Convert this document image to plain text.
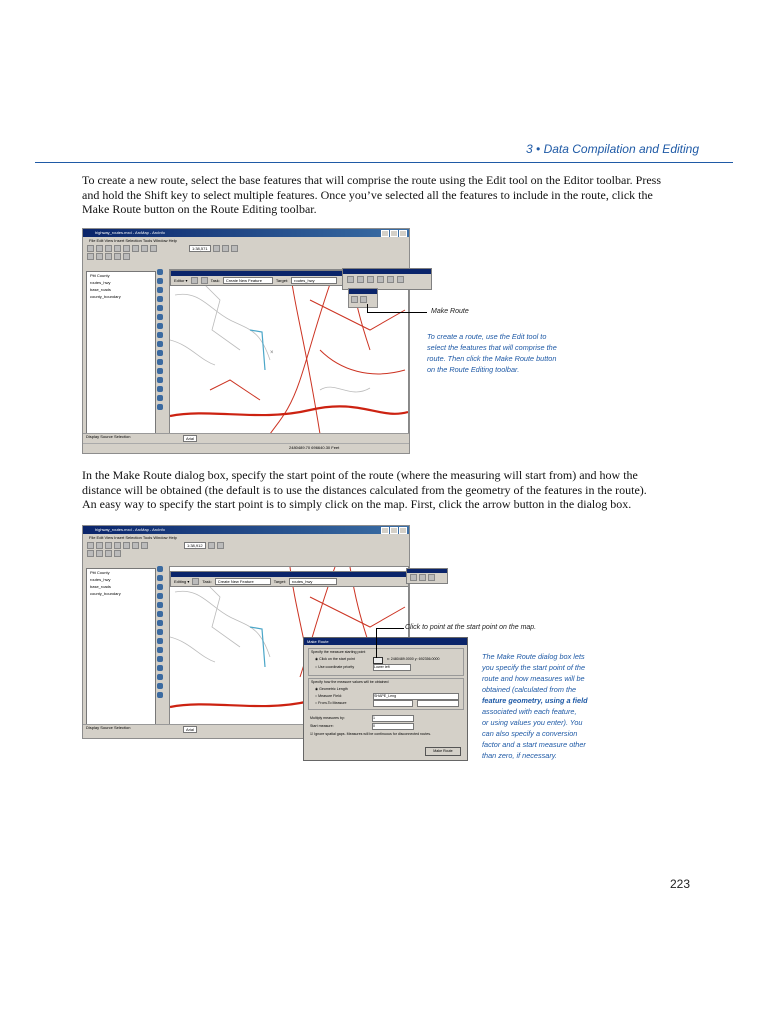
3 • Data Compilation and Editing

To create a new route, select the base features that will comprise the route using the Edit tool on the Editor toolbar. Press and hold the Shift key to select multiple features. Once you’ve selected all the features to include in the route, click the Make Route button on the Route Editing toolbar.

highway_routes.mxd - ArcMap - ArcInfo
File Edit View Insert Selection Tools Window Help
1:38,571
Pitt County
routes_hwy
base_roads
county_boundary
×
Editor ▾	Task:	Create New Feature	Target:	routes_hwy
Display Source Selection	Arial
2480489.70 696640.30 Feet
Make Route
To create a route, use the Edit tool to select the features that will comprise the route. Then click the Make Route button on the Route Editing toolbar.

In the Make Route dialog box, specify the start point of the route (where the measuring will start from) and how the distance will be obtained (the default is to use the distances calculated from the geometry of the features in the route). An easy way to specify the start point is to simply click on the map. First, click the arrow button in the dialog box.

highway_routes.mxd - ArcMap - ArcInfo
File Edit View Insert Selection Tools Window Help
1:38,912
Pitt County
routes_hwy
base_roads
county_boundary
Editing ▾	Task:	Create New Feature	Target:	routes_hwy
Display Source Selection	Arial
Make Route
Specify the measure starting point
◉ Click on the start point	x: 2480489.0000 y: 692356.0000
○ Use coordinate priority	Lower left
Specify how the measure values will be obtained
◉ Geometric Length
○ Measure Field:	SHAPE_Leng
○ From-To Measure
Multiply measures by:	1
Start measure:	0
☑ Ignore spatial gaps. Measures will be continuous for disconnected routes.
Make Route
Click to point at the start point on the map.
The Make Route dialog box lets
you specify the start point of the
route and how measures will be
obtained (calculated from the
feature geometry, using a field
associated with each feature,
or using values you enter). You
can also specify a conversion
factor and a start measure other
than zero, if necessary.
223
